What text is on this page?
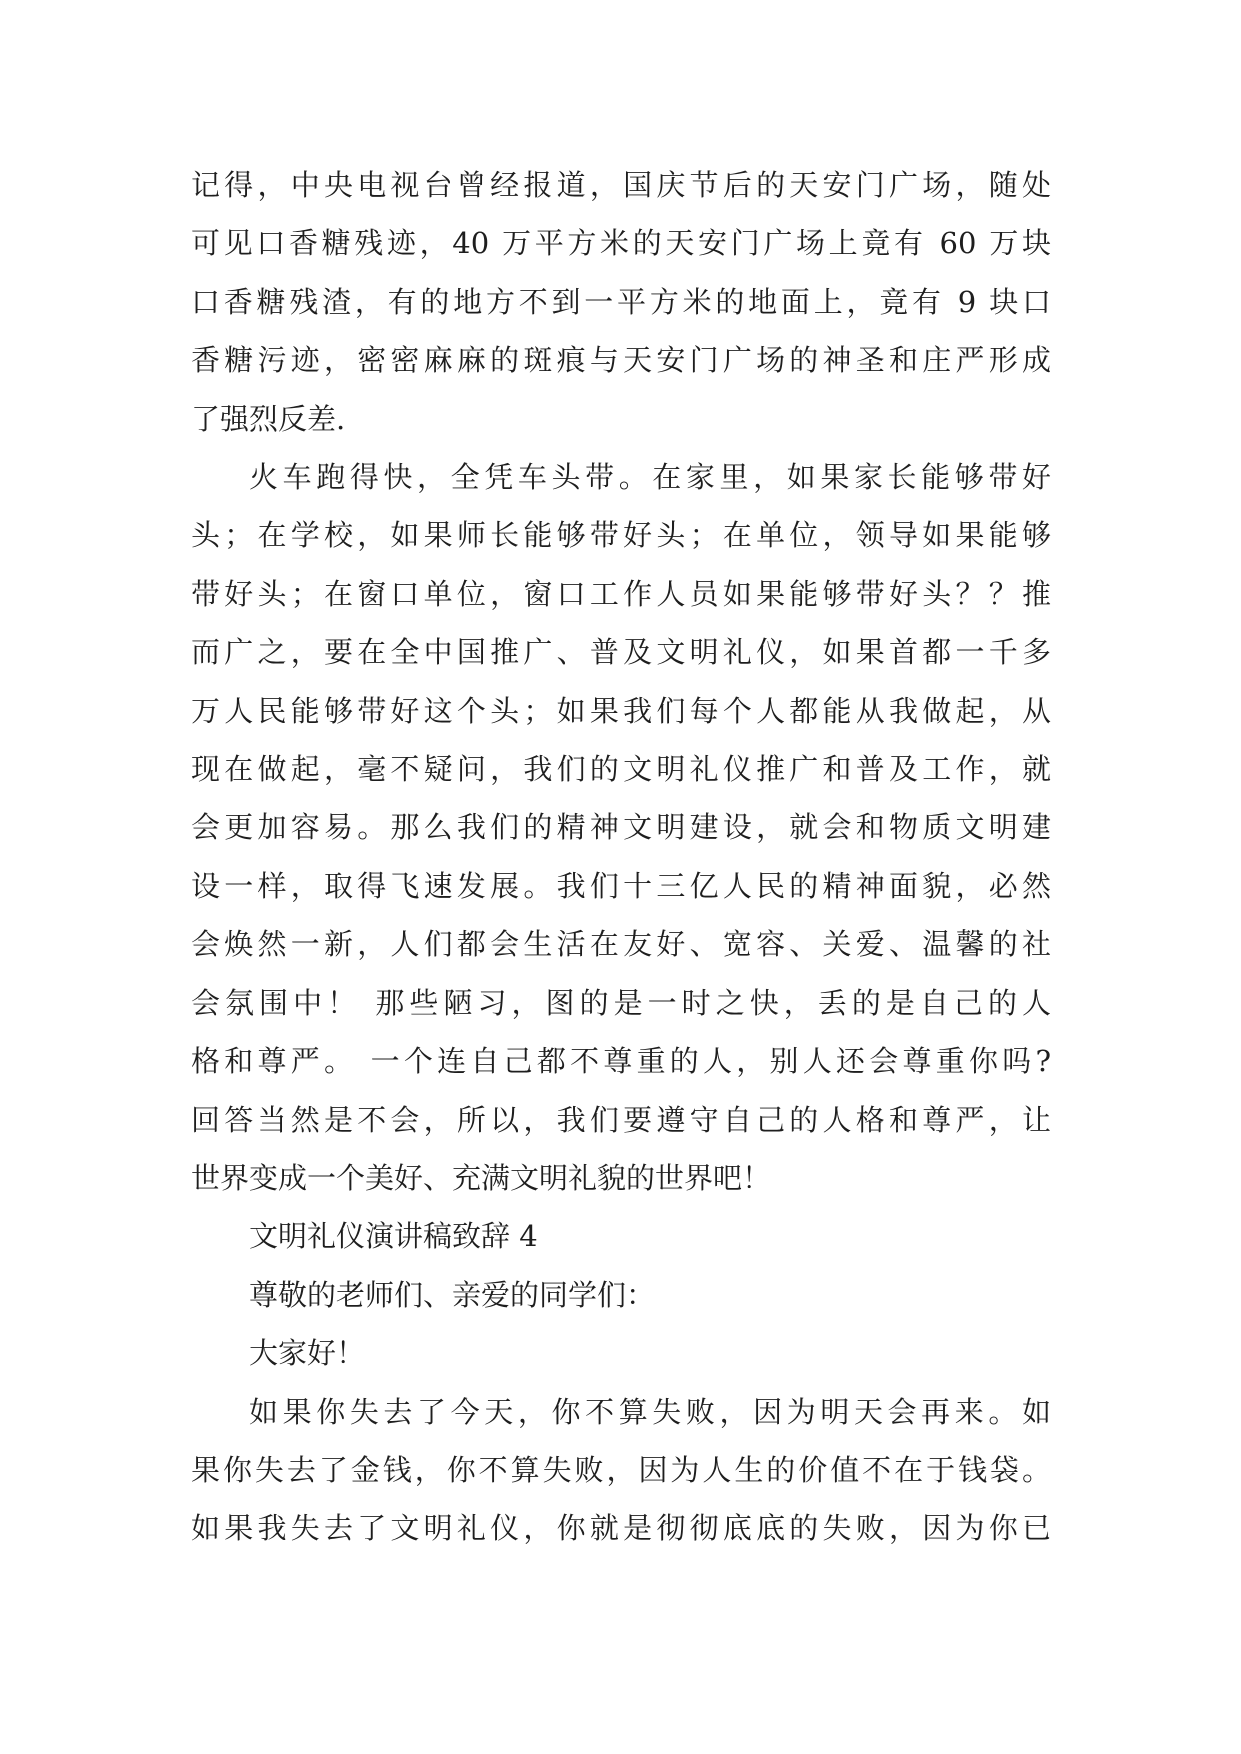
记得，中央电视台曾经报道，国庆节后的天安门广场，随处
可见口香糖残迹，40 万平方米的天安门广场上竟有 60 万块
口香糖残渣，有的地方不到一平方米的地面上，竟有 9 块口
香糖污迹，密密麻麻的斑痕与天安门广场的神圣和庄严形成
了强烈反差.

火车跑得快，全凭车头带。在家里，如果家长能够带好
头；在学校，如果师长能够带好头；在单位，领导如果能够
带好头；在窗口单位，窗口工作人员如果能够带好头？？推
而广之，要在全中国推广、普及文明礼仪，如果首都一千多
万人民能够带好这个头；如果我们每个人都能从我做起，从
现在做起，毫不疑问，我们的文明礼仪推广和普及工作，就
会更加容易。那么我们的精神文明建设，就会和物质文明建
设一样，取得飞速发展。我们十三亿人民的精神面貌，必然
会焕然一新，人们都会生活在友好、宽容、关爱、温馨的社
会氛围中！ 那些陋习，图的是一时之快，丢的是自己的人
格和尊严。 一个连自己都不尊重的人，别人还会尊重你吗?
回答当然是不会，所以，我们要遵守自己的人格和尊严，让
世界变成一个美好、充满文明礼貌的世界吧！

文明礼仪演讲稿致辞 4

尊敬的老师们、亲爱的同学们：

大家好！

如果你失去了今天，你不算失败，因为明天会再来。如
果你失去了金钱，你不算失败，因为人生的价值不在于钱袋。
如果我失去了文明礼仪，你就是彻彻底底的失败，因为你已
